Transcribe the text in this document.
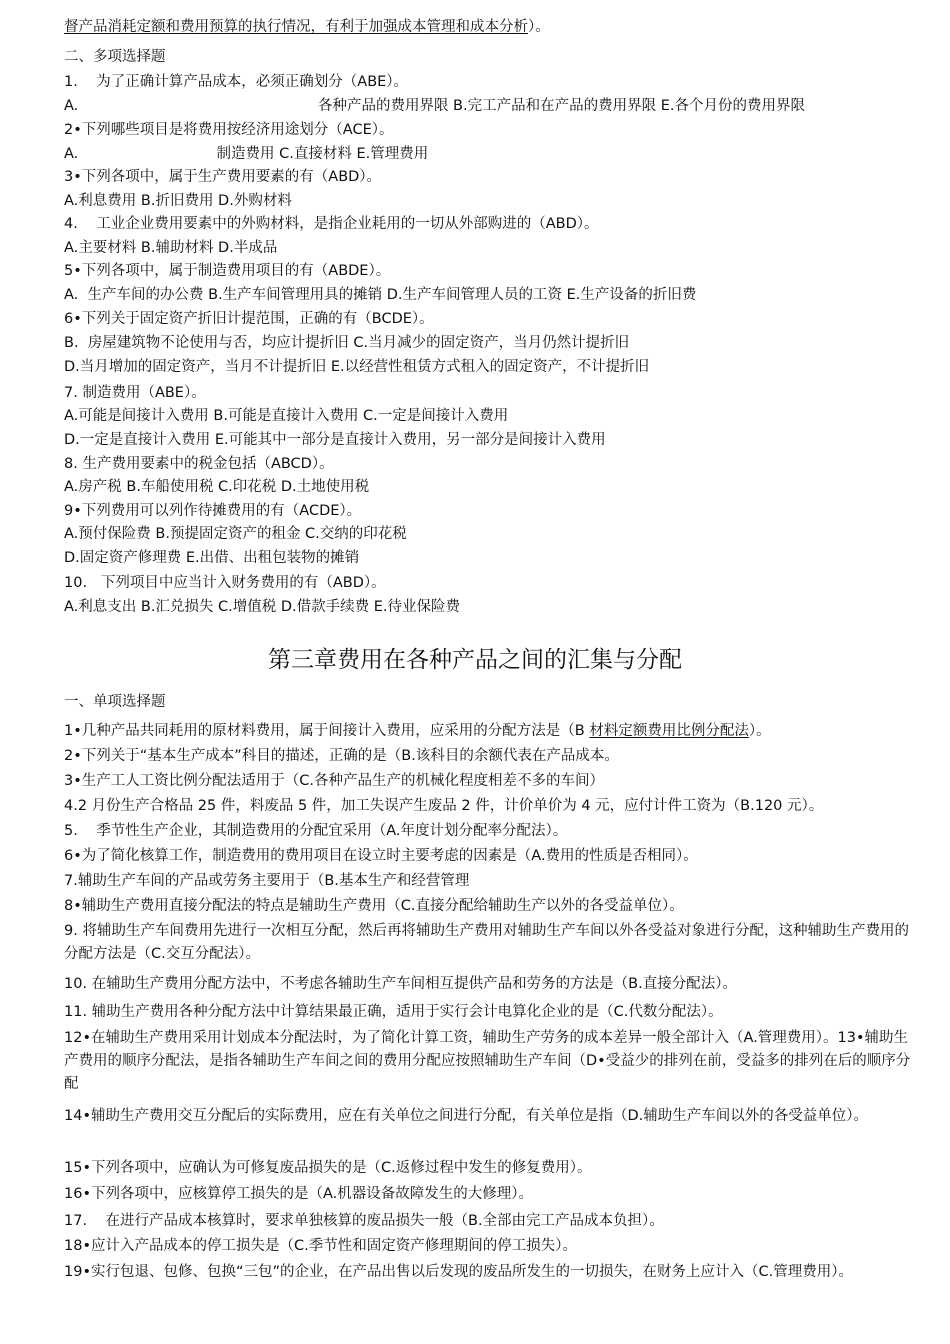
督产品消耗定额和费用预算的执行情况，有利于加强成本管理和成本分析）。
二、多项选择题
1.    为了正确计算产品成本，必须正确划分（ABE）。
A.                                                    各种产品的费用界限 B.完工产品和在产品的费用界限 E.各个月份的费用界限
2•下列哪些项目是将费用按经济用途划分（ACE）。
A.                              制造费用 C.直接材料 E.管理费用
3•下列各项中，属于生产费用要素的有（ABD）。
A.利息费用 B.折旧费用 D.外购材料
4.    工业企业费用要素中的外购材料，是指企业耗用的一切从外部购进的（ABD）。
A.主要材料 B.辅助材料 D.半成品
5•下列各项中，属于制造费用项目的有（ABDE）。
A.  生产车间的办公费 B.生产车间管理用具的摊销 D.生产车间管理人员的工资 E.生产设备的折旧费
6•下列关于固定资产折旧计提范围，正确的有（BCDE）。
B.  房屋建筑物不论使用与否，均应计提折旧 C.当月减少的固定资产，当月仍然计提折旧
D.当月增加的固定资产，当月不计提折旧 E.以经营性租赁方式租入的固定资产，不计提折旧
7. 制造费用（ABE）。
A.可能是间接计入费用 B.可能是直接计入费用 C.一定是间接计入费用
D.一定是直接计入费用 E.可能其中一部分是直接计入费用，另一部分是间接计入费用
8. 生产费用要素中的税金包括（ABCD）。
A.房产税 B.车船使用税 C.印花税 D.土地使用税
9•下列费用可以列作待摊费用的有（ACDE）。
A.预付保险费 B.预提固定资产的租金 C.交纳的印花税
D.固定资产修理费 E.出借、出租包装物的摊销
10.   下列项目中应当计入财务费用的有（ABD）。
A.利息支出 B.汇兑损失 C.增值税 D.借款手续费 E.待业保险费
第三章费用在各种产品之间的汇集与分配
一、单项选择题
1•几种产品共同耗用的原材料费用，属于间接计入费用，应采用的分配方法是（B 材料定额费用比例分配法）。
2•下列关于“基本生产成本”科目的描述，正确的是（B.该科目的余额代表在产品成本。
3•生产工人工资比例分配法适用于（C.各种产品生产的机械化程度相差不多的车间）
4.2 月份生产合格品 25 件，料废品 5 件，加工失误产生废品 2 件，计价单价为 4 元，应付计件工资为（B.120 元）。
5.    季节性生产企业，其制造费用的分配宜采用（A.年度计划分配率分配法）。
6•为了简化核算工作，制造费用的费用项目在设立时主要考虑的因素是（A.费用的性质是否相同）。
7.辅助生产车间的产品或劳务主要用于（B.基本生产和经营管理
8•辅助生产费用直接分配法的特点是辅助生产费用（C.直接分配给辅助生产以外的各受益单位）。
9. 将辅助生产车间费用先进行一次相互分配，然后再将辅助生产费用对辅助生产车间以外各受益对象进行分配，这种辅助生产费用的分配方法是（C.交互分配法）。
10. 在辅助生产费用分配方法中，不考虑各辅助生产车间相互提供产品和劳务的方法是（B.直接分配法）。
11. 辅助生产费用各种分配方法中计算结果最正确，适用于实行会计电算化企业的是（C.代数分配法）。
12•在辅助生产费用采用计划成本分配法时，为了简化计算工资，辅助生产劳务的成本差异一般全部计入（A.管理费用）。13•辅助生产费用的顺序分配法，是指各辅助生产车间之间的费用分配应按照辅助生产车间（D•受益少的排列在前，受益多的排列在后的顺序分配
14•辅助生产费用交互分配后的实际费用，应在有关单位之间进行分配，有关单位是指（D.辅助生产车间以外的各受益单位）。
15•下列各项中，应确认为可修复废品损失的是（C.返修过程中发生的修复费用）。
16•下列各项中，应核算停工损失的是（A.机器设备故障发生的大修理）。
17.    在进行产品成本核算时，要求单独核算的废品损失一般（B.全部由完工产品成本负担）。
18•应计入产品成本的停工损失是（C.季节性和固定资产修理期间的停工损失）。
19•实行包退、包修、包换“三包”的企业，在产品出售以后发现的废品所发生的一切损失，在财务上应计入（C.管理费用）。
